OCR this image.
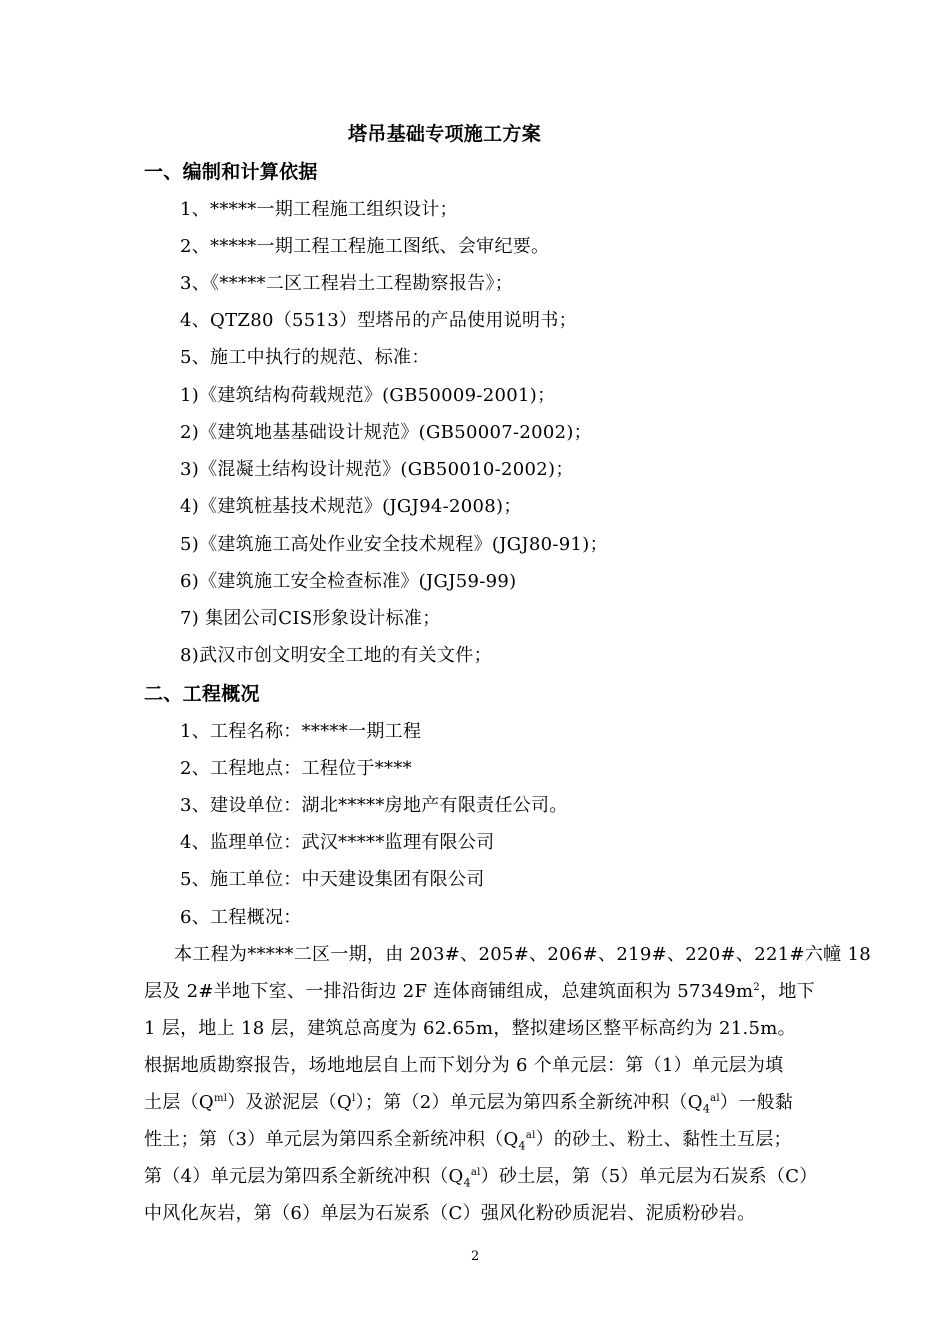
塔吊基础专项施工方案
一、编制和计算依据
1、*****一期工程施工组织设计；
2、*****一期工程工程施工图纸、会审纪要。
3、《*****二区工程岩土工程勘察报告》；
4、QTZ80（5513）型塔吊的产品使用说明书；
5、施工中执行的规范、标准：
1)《建筑结构荷载规范》(GB50009-2001)；
2)《建筑地基基础设计规范》(GB50007-2002)；
3)《混凝土结构设计规范》(GB50010-2002)；
4)《建筑桩基技术规范》(JGJ94-2008)；
5)《建筑施工高处作业安全技术规程》(JGJ80-91)；
6)《建筑施工安全检查标准》(JGJ59-99)
7) 集团公司CIS形象设计标准；
8)武汉市创文明安全工地的有关文件；
二、工程概况
1、工程名称：*****一期工程
2、工程地点：工程位于****
3、建设单位：湖北*****房地产有限责任公司。
4、监理单位：武汉*****监理有限公司
5、施工单位：中天建设集团有限公司
6、工程概况：
本工程为*****二区一期，由 203#、205#、206#、219#、220#、221#六幢 18
层及 2#半地下室、一排沿街边 2F 连体商铺组成，总建筑面积为 $57349m^2$，地下
1 层，地上 18 层，建筑总高度为 62.65m，整拟建场区整平标高约为 21.5m。
根据地质勘察报告，场地地层自上而下划分为 6 个单元层：第（1）单元层为填
土层$(Q^{ml})$及淤泥层$(Q^l)$；第（2）单元层为第四系全新统冲积$(Q_4^{al})$一般黏
性土；第（3）单元层为第四系全新统冲积$(Q_4^{al})$的砂土、粉土、黏性土互层；
第（4）单元层为第四系全新统冲积$(Q_4^{al})$砂土层，第（5）单元层为石炭系（C）
中风化灰岩，第（6）单层为石炭系（C）强风化粉砂质泥岩、泥质粉砂岩。
2
